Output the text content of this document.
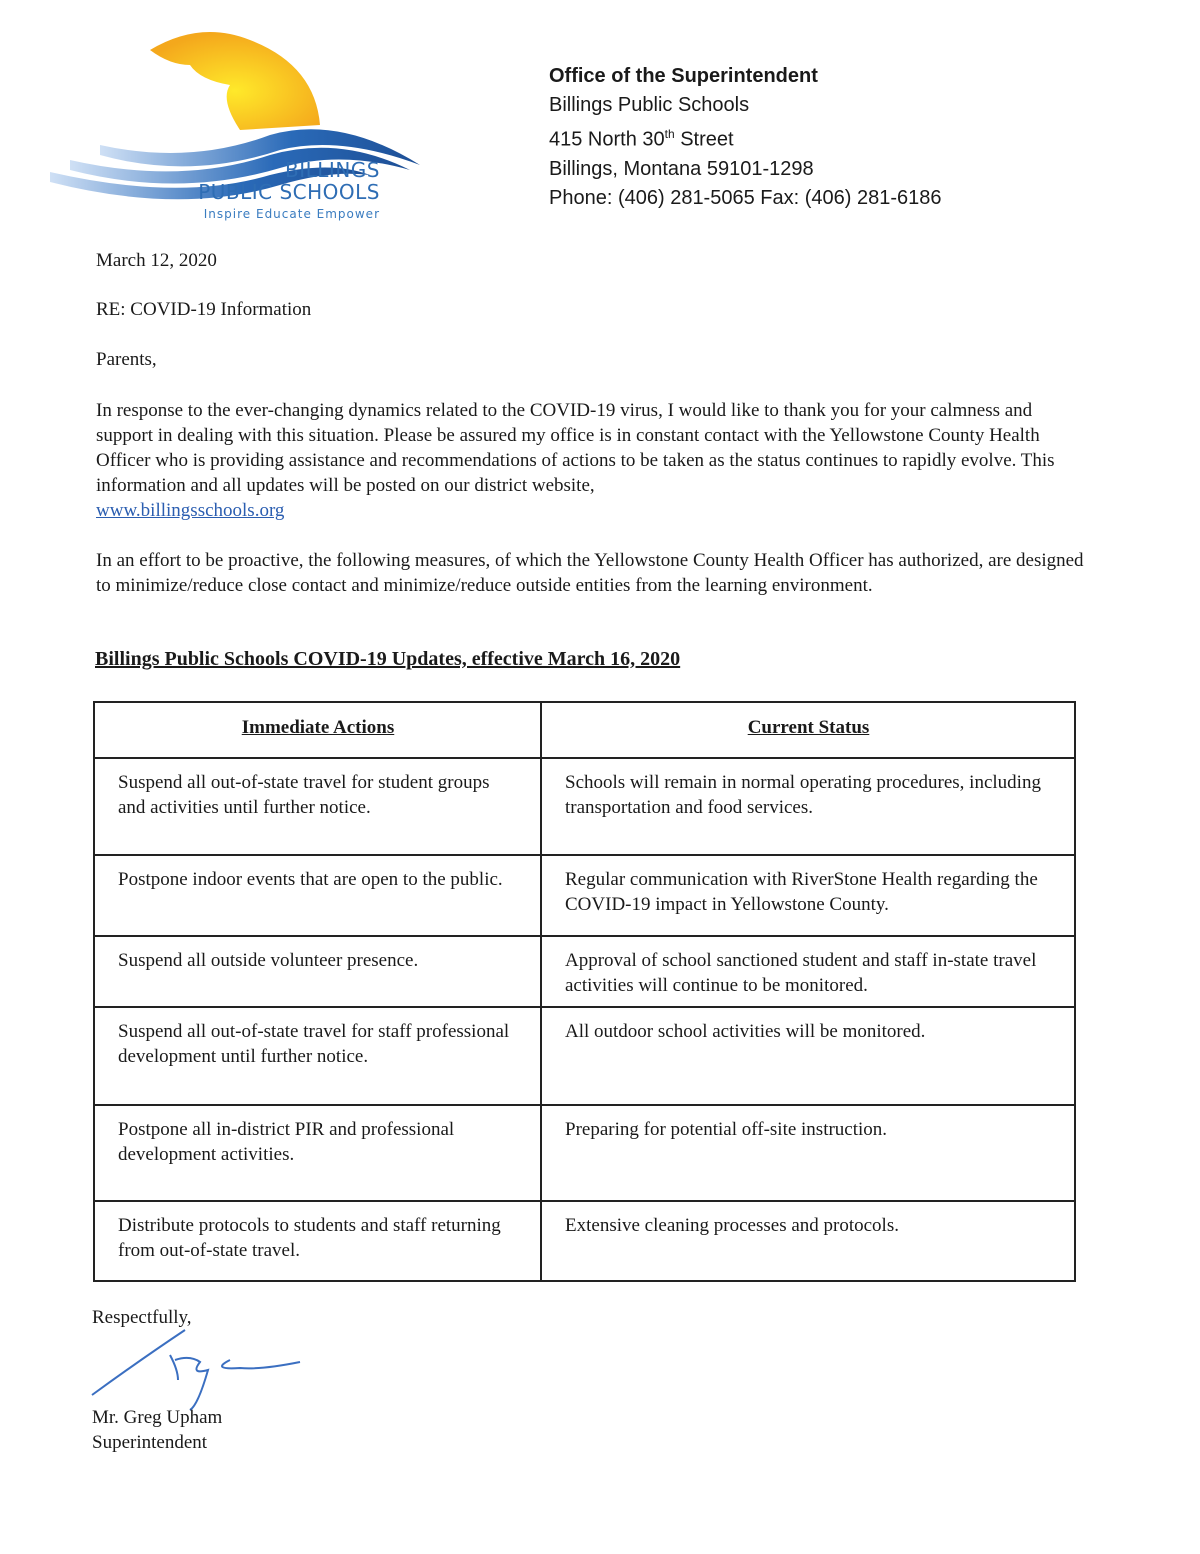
BILLINGS
PUBLIC SCHOOLS
Inspire Educate Empower
Office of the Superintendent
Billings Public Schools
415 North 30th Street
Billings, Montana 59101-1298
Phone: (406) 281-5065 Fax: (406) 281-6186
March 12, 2020
RE: COVID-19 Information
Parents,
In response to the ever-changing dynamics related to the COVID-19 virus, I would like to thank you for your calmness and support in dealing with this situation. Please be assured my office is in constant contact with the Yellowstone County Health Officer who is providing assistance and recommendations of actions to be taken as the status continues to rapidly evolve. This information and all updates will be posted on our district website,
www.billingsschools.org
In an effort to be proactive, the following measures, of which the Yellowstone County Health Officer has authorized, are designed to minimize/reduce close contact and minimize/reduce outside entities from the learning environment.
Billings Public Schools COVID-19 Updates, effective March 16, 2020
Immediate Actions	Current Status
Suspend all out-of-state travel for student groups and activities until further notice.	Schools will remain in normal operating procedures, including transportation and food services.
Postpone indoor events that are open to the public.	Regular communication with RiverStone Health regarding the COVID-19 impact in Yellowstone County.
Suspend all outside volunteer presence.	Approval of school sanctioned student and staff in-state travel activities will continue to be monitored.
Suspend all out-of-state travel for staff professional development until further notice.	All outdoor school activities will be monitored.
Postpone all in-district PIR and professional development activities.	Preparing for potential off-site instruction.
Distribute protocols to students and staff returning from out-of-state travel.	Extensive cleaning processes and protocols.
Respectfully,
Mr. Greg Upham
Superintendent
